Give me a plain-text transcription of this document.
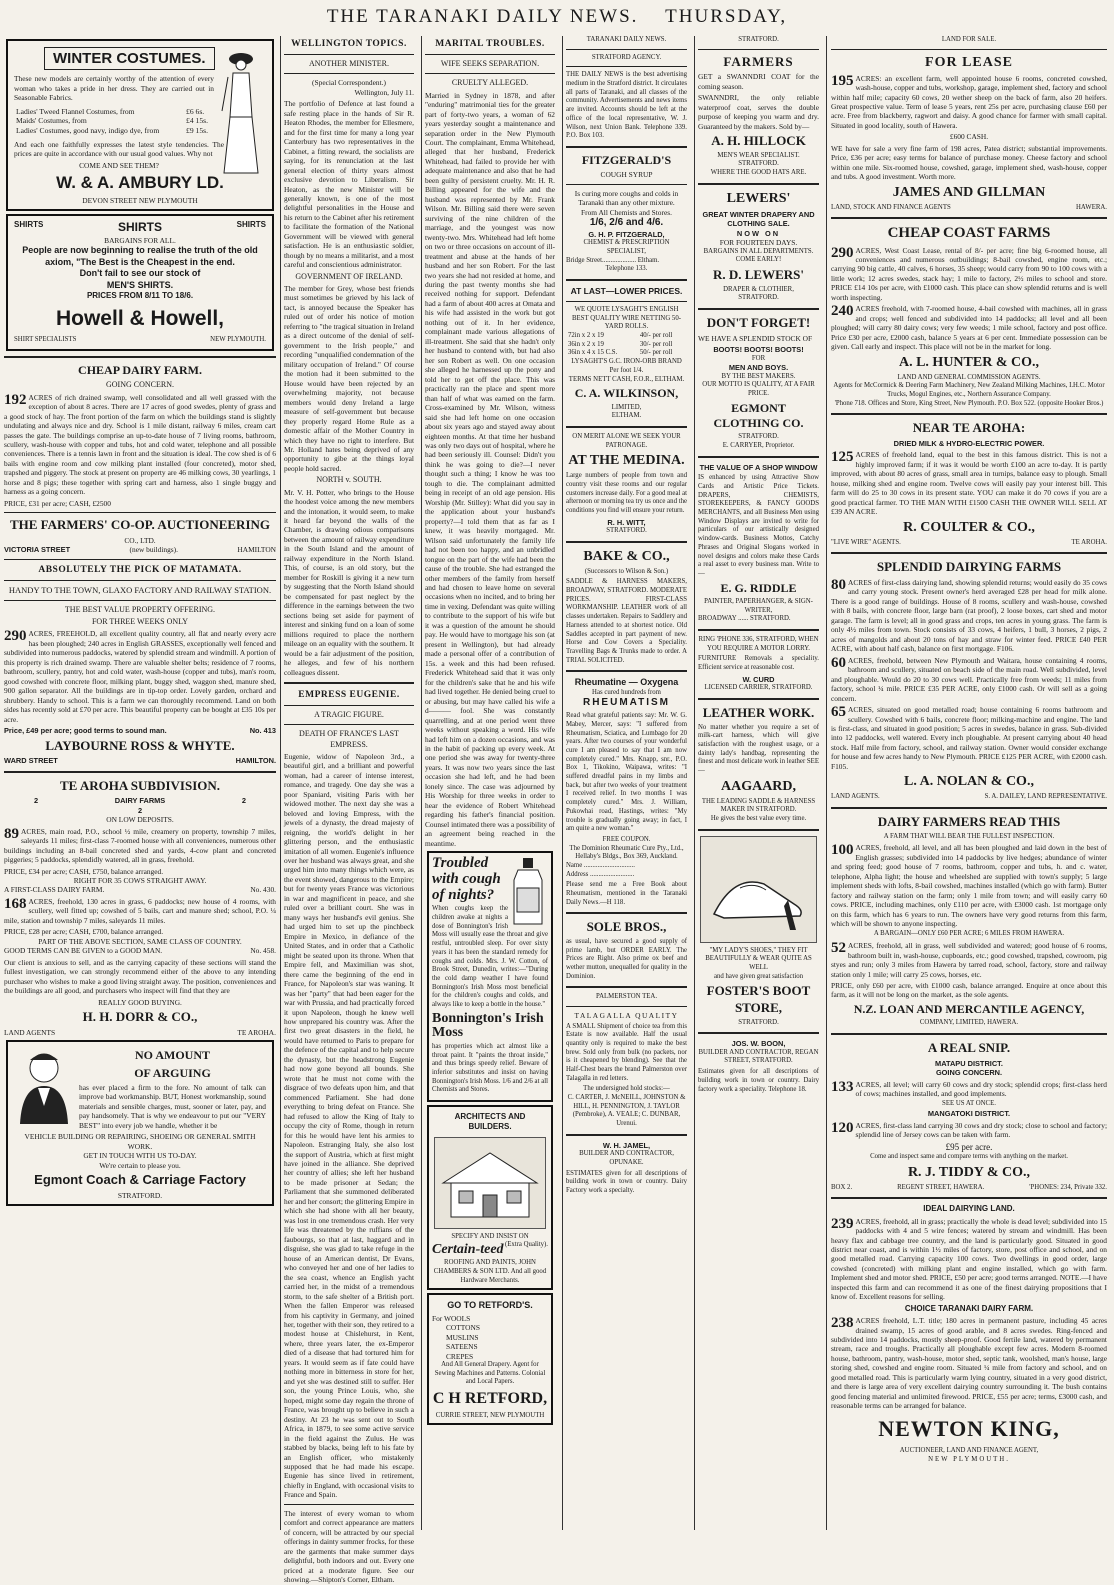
THE TARANAKI DAILY NEWS. THURSDAY,
WINTER COSTUMES.
These new models are certainly worthy of the attention of every woman who takes a pride in her dress. They are carried out in Seasonable Fabrics.
Ladies' Tweed Flannel Costumes, from	£6 6s.
Maids' Costumes, from	£4 15s.
Ladies' Costumes, good navy, indigo dye, from	£9 15s.
And each one faithfully expresses the latest style tendencies. The prices are quite in accordance with our usual good values. Why not
COME AND SEE THEM?
W. & A. AMBURY LD.
DEVON STREET NEW PLYMOUTH
SHIRTS	SHIRTS	SHIRTS
BARGAINS FOR ALL.
People are now beginning to realise the truth of the old axiom, "The Best is the Cheapest in the end.
Don't fail to see our stock of
MEN'S SHIRTS.
PRICES FROM 8/11 TO 18/6.
Howell & Howell,
SHIRT SPECIALISTS	NEW PLYMOUTH.
CHEAP DAIRY FARM.
GOING CONCERN.
192 ACRES of rich drained swamp, well consolidated and all well grassed with the exception of about 8 acres. There are 17 acres of good swedes, plenty of grass and a good stock of hay. The front portion of the farm on which the buildings stand is slightly undulating and always nice and dry. School is 1 mile distant, railway 6 miles, cream cart passes the gate. The buildings comprise an up-to-date house of 7 living rooms, bathroom, scullery, wash-house with copper and tubs, hot and cold water, telephone and all possible conveniences. There is a tennis lawn in front and the situation is ideal. The cow shed is of 6 bails with engine room and cow milking plant installed (four concreted), motor shed, trapshed and piggery. The stock at present on property are 46 milking cows, 30 yearlings, 1 horse and 8 pigs; these together with spring cart and harness, also 1 single buggy and harness as a going concern.
PRICE, £31 per acre; CASH, £2500
THE FARMERS' CO-OP. AUCTIONEERING
CO., LTD.
VICTORIA STREET	(new buildings).	HAMILTON
ABSOLUTELY THE PICK OF MATAMATA.
HANDY TO THE TOWN, GLAXO FACTORY AND RAILWAY STATION.
THE BEST VALUE PROPERTY OFFERING.
FOR THREE WEEKS ONLY
290 ACRES, FREEHOLD, all excellent quality country, all flat and nearly every acre has been ploughed; 240 acres in English GRASSES, exceptionally well fenced and subdivided into numerous paddocks, watered by splendid stream and windmill. A portion of this property is rich drained swamp. There are valuable shelter belts; residence of 7 rooms, bathroom, scullery, pantry, hot and cold water, wash-house (copper and tubs), man's room, good cowshed with concrete floor, milking plant, buggy shed, waggon shed, manure shed, 900 gallon separator. All the buildings are in tip-top order. Lovely garden, orchard and shrubbery. Handy to school. This is a farm we can thoroughly recommend. Land on both sides has recently sold at £70 per acre. This beautiful property can be bought at £35 10s per acre.
Price, £49 per acre; good terms to sound man.	No. 413
LAYBOURNE ROSS & WHYTE.
WARD STREET	HAMILTON.
TE AROHA SUBDIVISION.
2	DAIRY FARMS	2
2
ON LOW DEPOSITS.
89 ACRES, main road, P.O., school ½ mile, creamery on property, township 7 miles, saleyards 11 miles; first-class 7-roomed house with all conveniences, numerous other buildings including an 8-bail concreted shed and yards, 4-cow plant and concreted piggeries; 5 paddocks, splendidly watered, all in grass, freehold.
PRICE, £34 per acre; CASH, £750, balance arranged.
RIGHT FOR 35 COWS STRAIGHT AWAY.
A FIRST-CLASS DAIRY FARM.	No. 430.
168 ACRES, freehold, 130 acres in grass, 6 paddocks; new house of 4 rooms, with scullery, well fitted up; cowshed of 5 bails, cart and manure shed; school, P.O. ¼ mile, station and township 7 miles, saleyards 11 miles.
PRICE, £28 per acre; CASH, £700, balance arranged.
PART OF THE ABOVE SECTION, SAME CLASS OF COUNTRY.
GOOD TERMS CAN BE GIVEN to a GOOD MAN.	No. 458.
Our client is anxious to sell, and as the carrying capacity of these sections will stand the fullest investigation, we can strongly recommend either of the above to any intending purchaser who wishes to make a good living straight away. The position, conveniences and the buildings are all good, and purchasers who inspect will find that they are
REALLY GOOD BUYING.
H. H. DORR & CO.,
LAND AGENTS	TE AROHA.
NO AMOUNT
OF ARGUING
has ever placed a firm to the fore. No amount of talk can improve bad workmanship. BUT, Honest workmanship, sound materials and sensible charges, must, sooner or later, pay, and pay handsomely. That is why we endeavour to put our "VERY BEST" into every job we handle, whether it be
VEHICLE BUILDING OR REPAIRING, SHOEING OR GENERAL SMITH WORK.
GET IN TOUCH WITH US TO-DAY.
We're certain to please you.
Egmont Coach & Carriage Factory
STRATFORD.
WELLINGTON TOPICS.
ANOTHER MINISTER.
(Special Correspondent.)
Wellington, July 11.
The portfolio of Defence at last found a safe resting place in the hands of Sir R. Heaton Rhodes, the member for Ellesmere, and for the first time for many a long year Canterbury has two representatives in the Cabinet, a fitting reward, the socialists are saying, for its renunciation at the last general election of thirty years almost exclusive devotion to Liberalism. Sir Heaton, as the new Minister will be generally known, is one of the most delightful personalities in the House and his return to the Cabinet after his retirement to facilitate the formation of the National Government will be viewed with general satisfaction. He is an enthusiastic soldier, though by no means a militarist, and a most careful and conscientious administrator.
GOVERNMENT OF IRELAND.
The member for Grey, whose best friends must sometimes be grieved by his lack of tact, is annoyed because the Speaker has ruled out of order his notice of motion referring to "the tragical situation in Ireland as a direct outcome of the denial of self-government to the Irish people," and recording "unqualified condemnation of the military occupation of Ireland." Of course the motion had it been submitted to the House would have been rejected by an overwhelming majority, not because members would deny Ireland a large measure of self-government but because they properly regard Home Rule as a domestic affair of the Mother Country in which they have no right to interfere. But Mr. Holland hates being deprived of any opportunity to gibe at the things loyal people hold sacred.
NORTH v. SOUTH.
Mr. V. H. Potter, who brings to the House the hoodest voice among the new members and the intonation, it would seem, to make it heard far beyond the walls of the Chamber, is drawing odious comparisons between the amount of railway expenditure in the South Island and the amount of railway expenditure in the North Island. This, of course, is an old story, but the member for Roskill is giving it a new turn by suggesting that the North Island should be compensated for past neglect by the difference in the earnings between the two sections being set aside for payment of interest and sinking fund on a loan of some millions required to place the northern mileage on an equality with the southern. It would be a fair adjustment of the position, he alleges, and few of his northern colleagues dissent.
EMPRESS EUGENIE.
A TRAGIC FIGURE.
DEATH OF FRANCE'S LAST EMPRESS.
Eugenie, widow of Napoleon 3rd., a beautiful girl, and a brilliant and powerful woman, had a career of intense interest, romance, and tragedy. One day she was a poor Spaniard, visiting Paris with her widowed mother. The next day she was a beloved and loving Empress, with the jewels of a dynasty, the dread majesty of reigning, the world's delight in her glittering person, and the enthusiastic imitation of all women. Eugenie's influence over her husband was always great, and she urged him into many things which were, as the event showed, dangerous to the Empire; but for twenty years France was victorious in war and magnificent in peace, and she ruled over a brilliant court. She was in many ways her husband's evil genius. She had urged him to set up the pinchbeck Empire in Mexico, in defiance of the United States, and in order that a Catholic might be seated upon its throne. When that Empire fell, and Maximilian was shot, there came the beginning of the end in France, for Napoleon's star was waning. It was her "party" that had been eager for the war with Prussia, and had practically forced it upon Napoleon, though he knew well how unprepared his country was. After the first two great disasters in the field, he would have returned to Paris to prepare for the defence of the capital and to help secure the dynasty, but the headstrong Eugenie had now gone beyond all bounds. She wrote that he must not come with the disgrace of two defeats upon him, and that commenced Parliament. She had done everything to bring defeat on France. She had refused to allow the King of Italy to occupy the city of Rome, though in return for this he would have lent his armies to Napoleon. Estranging Italy, she also lost the support of Austria, which at first might have joined in the alliance. She deprived her country of allies; she left her husband to be made prisoner at Sedan; the Parliament that she summoned deliberated her and her consort; the glittering Empire in which she had shone with all her beauty, was lost in one tremendous crash. Her very life was threatened by the ruffians of the faubourgs, so that at last, haggard and in disguise, she was glad to take refuge in the house of an American dentist, Dr Evans, who conveyed her and one of her ladies to the sea coast, whence an English yacht carried her, in the midst of a tremendous storm, to the safe shelter of a British port. When the fallen Emperor was released from his captivity in Germany, and joined her, together with their son, they retired to a modest house at Chislehurst, in Kent, where, three years later, the ex-Emperor died of a disease that had tortured him for years. It would seem as if fate could have nothing more in bitterness in store for her, and yet she was destined still to suffer. Her son, the young Prince Louis, who, she hoped, might some day regain the throne of France, was brought up to believe in such a destiny. At 23 he was sent out to South Africa, in 1879, to see some active service in the field against the Zulus. He was stabbed by blacks, being left to his fate by an English officer, who mistakenly supposed that he had made his escape. Eugenie has since lived in retirement, chiefly in England, with occasional visits to France and Spain.
The interest of every woman to whom comfort and correct appearance are matters of concern, will be attracted by our special offerings in dainty summer frocks, for these are the garments that make summer days delightful, both indoors and out. Every one priced at a moderate figure. See our showing.—Shipton's Corner, Eltham.
MARITAL TROUBLES.
WIFE SEEKS SEPARATION.
CRUELTY ALLEGED.
Married in Sydney in 1878, and after "enduring" matrimonial ties for the greater part of forty-two years, a woman of 62 years yesterday sought a maintenance and separation order in the New Plymouth Court. The complainant, Emma Whitehead, alleged that her husband, Frederick Whitehead, had failed to provide her with adequate maintenance and also that he had been guilty of persistent cruelty. Mr. H. R. Billing appeared for the wife and the husband was represented by Mr. Frank Wilson. Mr. Billing said there were seven surviving of the nine children of the marriage, and the youngest was now twenty-two. Mrs. Whitehead had left home on two or three occasions on account of ill-treatment and abuse at the hands of her husband and her son Robert. For the last two years she had not resided at home, and during the past twenty months she had received nothing for support. Defendant had a farm of about 400 acres at Omata and his wife had assisted in the work but got nothing out of it. In her evidence, complainant made various allegations of ill-treatment. She said that she hadn't only her husband to contend with, but had also her son Robert as well. On one occasion she alleged he harnessed up the pony and told her to get off the place. This was practically ran the place and spent more than half of what was earned on the farm. Cross-examined by Mr. Wilson, witness said she had left home on one occasion about six years ago and stayed away about eighteen months. At that time her husband was only two days out of hospital, where he had been seriously ill. Counsel: Didn't you think he was going to die?—I never thought such a thing; I know he was too tough to die. The complainant admitted being in receipt of an old age pension. His Worship (Mr. Stilley): What did you say in the application about your husband's property?—I told them that as far as I knew, it was heavily mortgaged. Mr. Wilson said unfortunately the family life had not been too happy, and an unbridled tongue on the part of the wife had been the cause of the trouble. She had estranged the other members of the family from herself and had chosen to leave home on several occasions when no incited, and to bring her time in vexing. Defendant was quite willing to contribute to the support of his wife but it was a question of the amount he should pay. He would have to mortgage his son (at present in Wellington), but had already made a personal offer of a contribution of 15s. a week and this had been refused. Frederick Whitehead said that it was only for the children's sake that he and his wife had lived together. He denied being cruel to or abusing, but may have called his wife a d——— fool. She was constantly quarrelling, and at one period went three weeks without speaking a word. His wife had left him on a dozen occasions, and was in the habit of packing up every week. At one period she was away for twenty-three years. It was now two years since the last occasion she had left, and he had been lonely since. The case was adjourned by His Worship for three weeks in order to hear the evidence of Robert Whitehead regarding his father's financial position. Counsel intimated there was a possibility of an agreement being reached in the meantime.
Troubled with cough of nights?
When coughs keep the children awake at nights a dose of Bonnington's Irish Moss will usually ease the throat and give restful, untroubled sleep. For over sixty years it has been the standard remedy for coughs and colds. Mrs. J. W. Cotton, of Brook Street, Dunedin, writes:—"During the cold damp weather I have found Bonnington's Irish Moss most beneficial for the children's coughs and colds, and always like to keep a bottle in the house."
Bonnington's Irish Moss
has properties which act almost like a throat paint. It "paints the throat inside," and thus brings speedy relief. Beware of inferior substitutes and insist on having Bonnington's Irish Moss. 1/6 and 2/6 at all Chemists and Stores.
ARCHITECTS AND BUILDERS.
SPECIFY AND INSIST ON
Certain-teed (Extra Quality).
ROOFING AND PAINTS, JOHN CHAMBERS & SON LTD. And all good Hardware Merchants.
GO TO RETFORD'S.
For WOOLS
COTTONS
MUSLINS
SATEENS
CREPES
And All General Drapery. Agent for Sewing Machines and Patterns. Colonial and Local Papers.
C H RETFORD,
CURRIE STREET, NEW PLYMOUTH
TARANAKI DAILY NEWS.
STRATFORD AGENCY.
THE DAILY NEWS is the best advertising medium in the Stratford district. It circulates all parts of Taranaki, and all classes of the community. Advertisements and news items are invited. Accounts should be left at the office of the local representative, W. J. Wilson, next Union Bank. Telephone 339. P.O. Box 103.
FITZGERALD'S
COUGH SYRUP
Is curing more coughs and colds in Taranaki than any other mixture.
From All Chemists and Stores.
1/6, 2/6 and 4/6.
G. H. P. FITZGERALD,
CHEMIST & PRESCRIPTION SPECIALIST,
Bridge Street.................... Eltham.
Telephone 133.
AT LAST—LOWER PRICES.
WE QUOTE LYSAGHT'S ENGLISH BEST QUALITY WIRE NETTING 50-YARD ROLLS.
72in x 2 x 19	40/- per roll
36in x 2 x 19	30/- per roll
36in x 4 x 15 C.S.	50/- per roll
LYSAGHT'S G.C. IRON-ORB BRAND Per foot 1/4.
TERMS NETT CASH, F.O.R., ELTHAM.
C. A. WILKINSON,
LIMITED,
ELTHAM.
ON MERIT ALONE WE SEEK YOUR PATRONAGE.
AT THE MEDINA.
Large numbers of people from town and country visit these rooms and our regular customers increase daily. For a good meal at afternoon or morning tea try us once and the conditions you find will ensure your return.
R. H. WITT,
STRATFORD.
BAKE & CO.,
(Successors to Wilson & Son.)
SADDLE & HARNESS MAKERS, BROADWAY, STRATFORD. MODERATE PRICES. FIRST-CLASS WORKMANSHIP. LEATHER work of all classes undertaken. Repairs to Saddlery and Harness attended to at shortest notice. Old Saddles accepted in part payment of new. Horse and Cow Covers a Speciality. Travelling Bags & Trunks made to order. A TRIAL SOLICITED.
Rheumatine — Oxygena
Has cured hundreds from
RHEUMATISM
Read what grateful patients say: Mr. W. G. Mabey, Mercer, says: "I suffered from Rheumatism, Sciatica, and Lumbago for 20 years. After two courses of your wonderful cure I am pleased to say that I am now completely cured." Mrs. Knapp, snr., P.O. Box 1, Tikokino, Waipawa, writes: "I suffered dreadful pains in my limbs and back, but after two weeks of your treatment I received relief. In two months I was completely cured." Mrs. J. William, Pukowhai road, Hastings, writes: "My trouble is gradually going away; in fact, I am quite a new woman."
FREE COUPON.
The Dominion Rheumatic Cure Pty., Ltd., Hellaby's Bldgs., Box 369, Auckland.
Name ..............................
Address ..........................
Please send me a Free Book about Rheumatism, mentioned in the Taranaki Daily News.—H 118.
SOLE BROS.,
as usual, have secured a good supply of prime lamb, but ORDER EARLY. The Prices are Right. Also prime ox beef and wether mutton, unequalled for quality in the Dominion.
PALMERSTON TEA.
TALAGALLA QUALITY
A SMALL Shipment of choice tea from this Estate is now available. Half the usual quantity only is required to make the best brew. Sold only from bulk (no packets, nor is it cheapened by blending). See that the Half-Chest bears the brand Palmerston over Talagalla in red letters.
The undersigned hold stocks:—
C. CARTER, J. McNEILL, JOHNSTON & HILL, H. PENNINGTON, J. TAYLOR (Pembroke), A. VEALE; C. DUNBAR, Urenui.
W. H. JAMEL,
BUILDER AND CONTRACTOR, OPUNAKE.
ESTIMATES given for all descriptions of building work in town or country. Dairy Factory work a specialty.
STRATFORD.
FARMERS
GET a SWANNDRI COAT for the coming season.
SWANNDRI, the only reliable waterproof coat, serves the double purpose of keeping you warm and dry. Guaranteed by the makers. Sold by—
A. H. HILLOCK
MEN'S WEAR SPECIALIST.
STRATFORD.
WHERE THE GOOD HATS ARE.
LEWERS'
GREAT WINTER DRAPERY AND CLOTHING SALE.
NOW ON
FOR FOURTEEN DAYS.
BARGAINS IN ALL DEPARTMENTS.
COME EARLY!
R. D. LEWERS'
DRAPER & CLOTHIER,
STRATFORD.
DON'T FORGET!
WE HAVE A SPLENDID STOCK OF
BOOTS! BOOTS! BOOTS!
FOR
MEN AND BOYS.
BY THE BEST MAKERS.
OUR MOTTO IS QUALITY, AT A FAIR PRICE.
EGMONT CLOTHING CO.
STRATFORD.
E. CARRYER, Proprietor.
THE VALUE OF A SHOP WINDOW
IS enhanced by using Attractive Show Cards and Artistic Price Tickets. DRAPERS, CHEMISTS, STOREKEEPERS, & FANCY GOODS MERCHANTS, and all Business Men using Window Displays are invited to write for particulars of our artistically designed window-cards. Business Mottos, Catchy Phrases and Original Slogans worked in novel designs and colors make these Cards a real asset to every business man. Write to—
E. G. RIDDLE
PAINTER, PAPERHANGER, & SIGN-WRITER,
BROADWAY ...... STRATFORD.
RING 'PHONE 336, STRATFORD, WHEN YOU REQUIRE A MOTOR LORRY.
FURNITURE Removals a speciality. Efficient service at reasonable cost.
W. CURD
LICENSED CARRIER, STRATFORD.
LEATHER WORK.
No matter whether you require a set of milk-cart harness, which will give satisfaction with the roughest usage, or a dainty lady's handbag, representing the finest and most delicate work in leather SEE—
AAGAARD,
THE LEADING SADDLE & HARNESS MAKER IN STRATFORD.
He gives the best value every time.
"MY LADY'S SHOES," THEY FIT BEAUTIFULLY & WEAR QUITE AS WELL
and have given great satisfaction
FOSTER'S BOOT STORE,
STRATFORD.
JOS. W. BOON,
BUILDER AND CONTRACTOR, REGAN STREET, STRATFORD.
Estimates given for all descriptions of building work in town or country. Dairy factory work a speciality. Telephone 18.
LAND FOR SALE.
FOR LEASE
195 ACRES: an excellent farm, well appointed house 6 rooms, concreted cowshed, wash-house, copper and tubs, workshop, garage, implement shed, factory and school within half mile; capacity 60 cows, 20 wether sheep on the back of farm, also 20 heifers. Great prospective value. Term of lease 5 years, rent 25s per acre, purchasing clause £60 per acre. Free from blackberry, ragwort and daisy. A good chance for farmer with small capital. Situated in good locality, south of Hawera.
£600 CASH.
WE have for sale a very fine farm of 198 acres, Patea district; substantial improvements. Price, £36 per acre; easy terms for balance of purchase money. Cheese factory and school within one mile. Six-roomed house, cowshed, garage, implement shed, wash-house, copper and tubs. A good investment. Worth more.
JAMES AND GILLMAN
LAND, STOCK AND FINANCE AGENTS	HAWERA.
CHEAP COAST FARMS
290 ACRES, West Coast Lease, rental of 8/- per acre; fine big 6-roomed house, all conveniences and numerous outbuildings; 8-bail cowshed, engine room, etc.; carrying 90 big cattle, 40 calves, 6 horses, 35 sheep; would carry from 90 to 100 cows with a little work; 12 acres swedes, stack hay; 1 mile to factory, 2½ miles to school and store. PRICE £14 10s per acre, with £1000 cash. This place can show splendid returns and is well worth inspecting.
240 ACRES freehold, with 7-roomed house, 4-bail cowshed with machines, all in grass and crops; well fenced and subdivided into 14 paddocks; all level and all been ploughed; will carry 80 dairy cows; very few weeds; 1 mile school, factory and post office. Price £30 per acre, £2000 cash, balance 5 years at 6 per cent. Immediate possession can be given. Call early and inspect. This place will not be in the market for long.
A. L. HUNTER & CO.,
LAND AND GENERAL COMMISSION AGENTS.
Agents for McCormick & Deering Farm Machinery, New Zealand Milking Machines, I.H.C. Motor Trucks, Mogul Engines, etc., Northern Assurance Company.
'Phone 718. Offices and Store, King Street, New Plymouth. P.O. Box 522. (opposite Hooker Bros.)
NEAR TE AROHA:
DRIED MILK & HYDRO-ELECTRIC POWER.
125 ACRES of freehold land, equal to the best in this famous district. This is not a highly improved farm; if it was it would be worth £100 an acre to-day. It is partly improved, with about 80 acres of grass, small area in turnips, balance easy to plough. Small house, milking shed and engine room. Twelve cows will easily pay your interest bill. This farm will do 25 to 30 cows in its present state. YOU can make it do 70 cows if you are a good practical farmer. TO THE MAN WITH £1500 CASH THE OWNER WILL SELL AT £39 AN ACRE.
R. COULTER & CO.,
"LIVE WIRE" AGENTS.	TE AROHA.
SPLENDID DAIRYING FARMS
80 ACRES of first-class dairying land, showing splendid returns; would easily do 35 cows and carry young stock. Present owner's herd averaged £28 per head for milk alone. There is a good range of buildings. House of 8 rooms, scullery and wash-house, cowshed with 8 bails, with concrete floor, large barn (rat proof), 2 loose boxes, cart shed and motor garage. The farm is level; all in good grass and crops, ten acres in young grass. The farm is only 4½ miles from town. Stock consists of 33 cows, 4 heifers, 1 bull, 3 horses, 2 pigs, 2 acres of mangolds and about 20 tons of hay and straw for winter feed. PRICE £40 PER ACRE, with about half cash, balance on first mortgage. F106.
60 ACRES, freehold, between New Plymouth and Waitara, house containing 4 rooms, bathroom and scullery, situated on beach side of the main road. Well subdivided, level and ploughable. Would do 20 to 30 cows well. Practically free from weeds; 11 miles from factory, school ¼ mile. PRICE £35 PER ACRE, only £1000 cash. Or will sell as a going concern.
65 ACRES, situated on good metalled road; house containing 6 rooms bathroom and scullery. Cowshed with 6 bails, concrete floor; milking-machine and engine. The land is first-class, and situated in good position; 5 acres in swedes, balance in grass. Sub-divided into 12 paddocks, well watered. Every inch ploughable. At present carrying about 40 head stock. Half mile from factory, school, and railway station. Owner would consider exchange for house and few acres handy to New Plymouth. PRICE £125 PER ACRE, with £2000 cash. F105.
L. A. NOLAN & CO.,
LAND AGENTS.	S. A. DAILEY, LAND REPRESENTATIVE.
DAIRY FARMERS READ THIS
A FARM THAT WILL BEAR THE FULLEST INSPECTION.
100 ACRES, freehold, all level, and all has been ploughed and laid down in the best of English grasses; subdivided into 14 paddocks by live hedges; abundance of winter and spring feed; good house of 7 rooms, bathroom, copper and tubs, h. and c. water, telephone, Alpha light; the house and wheelshed are supplied with town's supply; 5 large implement sheds with lofts, 8-bail cowshed, machines installed (which go with farm). Butter factory and railway station on the farm; only 1 mile from town; and will easily carry 60 cows. PRICE, including machines, only £110 per acre, with £3000 cash. 1st mortgage only on this farm, which has 6 years to run. The owners have very good returns from this farm, which will be shown to anyone inspecting.
A BARGAIN—ONLY £60 PER ACRE; 6 MILES FROM HAWERA.
52 ACRES, freehold, all in grass, well subdivided and watered; good house of 6 rooms, bathroom built in, wash-house, cupboards, etc.; good cowshed, trapshed, cowroom, pig styes and run; only 3 miles from Hawera by tarred road, school, factory, store and railway station only 1 mile; will carry 25 cows, horses, etc.
PRICE, only £60 per acre, with £1000 cash, balance arranged. Enquire at once about this farm, as it will not be long on the market, as the sole agents.
N.Z. LOAN AND MERCANTILE AGENCY,
COMPANY, LIMITED, HAWERA.
A REAL SNIP.
MATAPU DISTRICT.
GOING CONCERN.
133 ACRES, all level; will carry 60 cows and dry stock; splendid crops; first-class herd of cows; machines installed, and good implements.
SEE US AT ONCE.
MANGATOKI DISTRICT.
120 ACRES, first-class land carrying 30 cows and dry stock; close to school and factory; splendid line of Jersey cows can be taken with farm.
£95 per acre.
Come and inspect same and compare terms with anything on the market.
R. J. TIDDY & CO.,
BOX 2.	REGENT STREET, HAWERA.	'PHONES: 234, Private 332.
IDEAL DAIRYING LAND.
239 ACRES, freehold, all in grass; practically the whole is dead level; subdivided into 15 paddocks with 4 and 5 wire fences; watered by stream and windmill. Has been heavy flax and cabbage tree country, and the land is particularly good. Situated in good district near coast, and is within 1½ miles of factory, store, post office and school, and on good metalled road. Carrying capacity 100 cows. Two dwellings in good order, large cowshed (concreted) with milking plant and engine installed, which go with farm. Implement shed and motor shed. PRICE, £50 per acre; good terms arranged. NOTE.—I have inspected this farm and can recommend it as one of the finest dairying propositions that I know of. Excellent reasons for selling.
CHOICE TARANAKI DAIRY FARM.
238 ACRES freehold, L.T. title; 180 acres in permanent pasture, including 45 acres drained swamp, 15 acres of good arable, and 8 acres swedes. Ring-fenced and subdivided into 14 paddocks, mostly sheep-proof. Good fertile land, watered by permanent stream, race and troughs. Practically all ploughable except few acres. Modern 8-roomed house, bathroom, pantry, wash-house, motor shed, septic tank, woolshed, man's house, large storing shed, cowshed and engine room. Situated ¼ mile from factory and school, and on good metalled road. This is particularly warm lying country, situated in a very good district, and there is large area of very excellent dairying country surrounding it. The bush contains good fencing material and unlimited firewood. PRICE, £55 per acre; terms, £3000 cash, and reasonable terms can be arranged for balance.
NEWTON KING,
AUCTIONEER, LAND AND FINANCE AGENT,
NEW PLYMOUTH.
